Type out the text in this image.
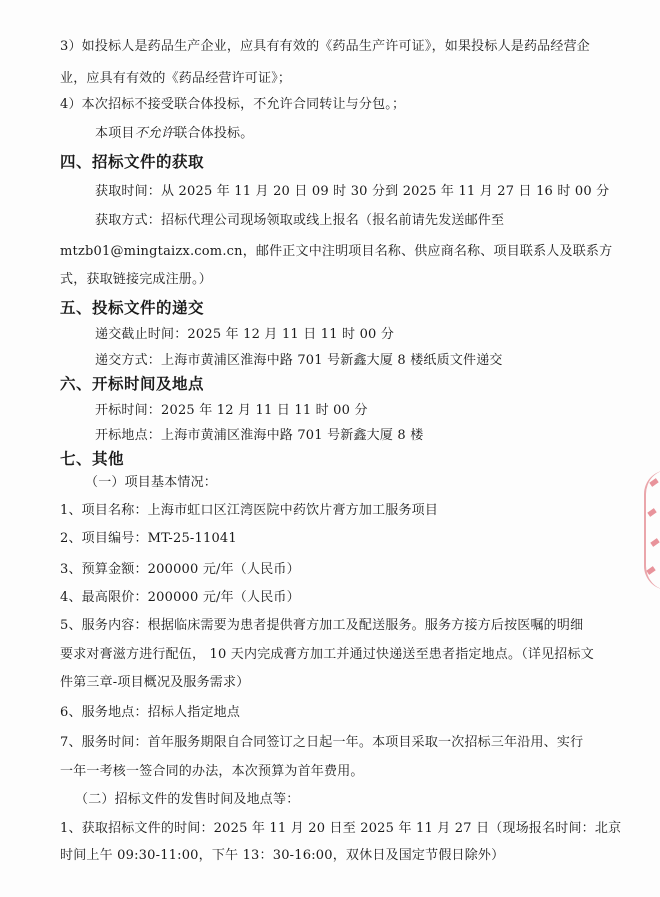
3）如投标人是药品生产企业，应具有有效的《药品生产许可证》，如果投标人是药品经营企
业，应具有有效的《药品经营许可证》；
4）本次招标不接受联合体投标，不允许合同转让与分包。；
本项目不允许联合体投标。
四、招标文件的获取
获取时间：从 2025 年 11 月 20 日 09 时 30 分到 2025 年 11 月 27 日 16 时 00 分
获取方式：招标代理公司现场领取或线上报名（报名前请先发送邮件至
mtzb01@mingtaizx.com.cn，邮件正文中注明项目名称、供应商名称、项目联系人及联系方
式，获取链接完成注册。）
五、投标文件的递交
递交截止时间：2025 年 12 月 11 日 11 时 00 分
递交方式：上海市黄浦区淮海中路 701 号新鑫大厦 8 楼纸质文件递交
六、开标时间及地点
开标时间：2025 年 12 月 11 日 11 时 00 分
开标地点：上海市黄浦区淮海中路 701 号新鑫大厦 8 楼
七、其他
（一）项目基本情况：
1、项目名称：上海市虹口区江湾医院中药饮片膏方加工服务项目
2、项目编号：MT-25-11041
3、预算金额：200000 元/年（人民币）
4、最高限价：200000 元/年（人民币）
5、服务内容：根据临床需要为患者提供膏方加工及配送服务。服务方接方后按医嘱的明细
要求对膏滋方进行配伍， 10 天内完成膏方加工并通过快递送至患者指定地点。（详见招标文
件第三章-项目概况及服务需求）
6、服务地点：招标人指定地点
7、服务时间：首年服务期限自合同签订之日起一年。本项目采取一次招标三年沿用、实行
一年一考核一签合同的办法，本次预算为首年费用。
（二）招标文件的发售时间及地点等：
1、获取招标文件的时间：2025 年 11 月 20 日至 2025 年 11 月 27 日（现场报名时间：北京
时间上午 09:30-11:00，下午 13：30-16:00，双休日及国定节假日除外）
